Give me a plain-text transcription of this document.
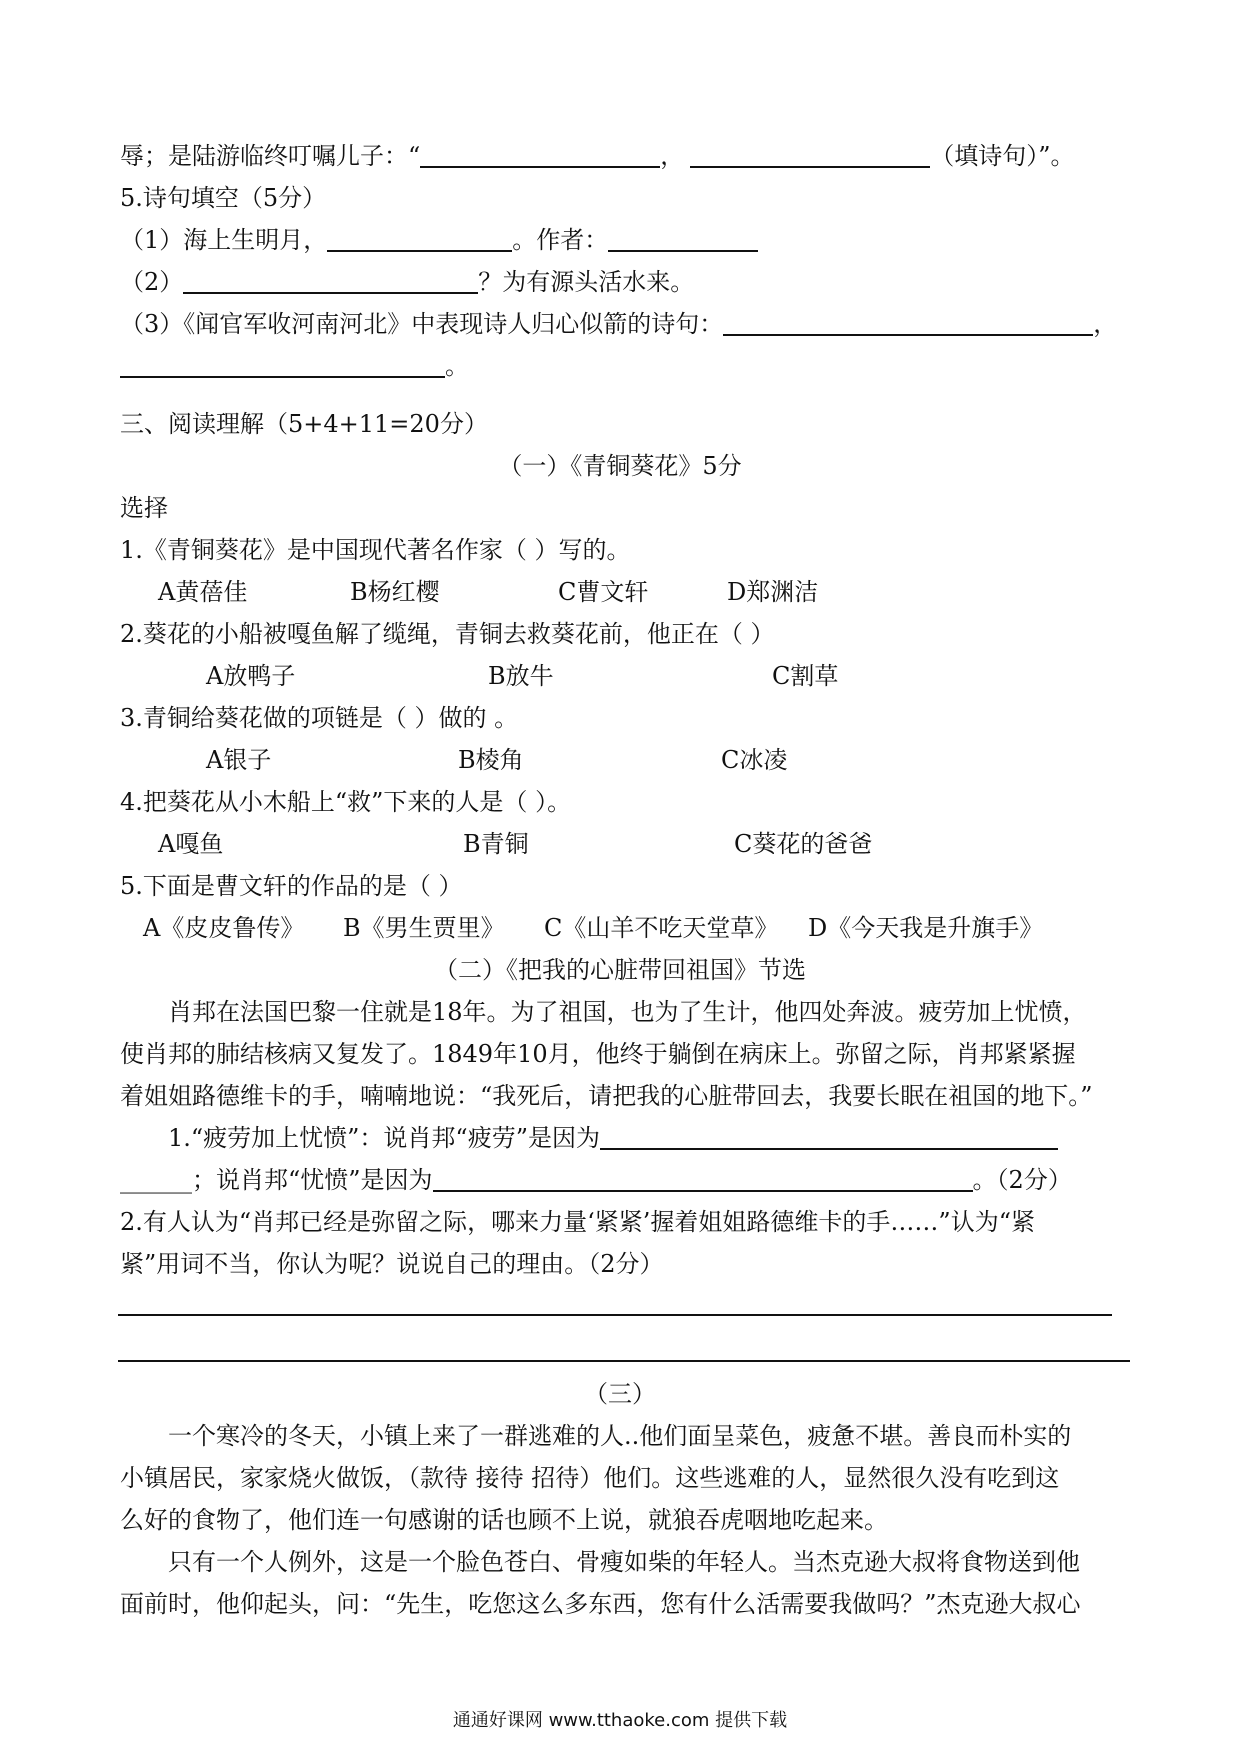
辱；是陆游临终叮嘱儿子：“	，	（填诗句）”。
5.诗句填空（5分）
（1）海上生明月，	。作者：
（2）	？为有源头活水来。
（3）《闻官军收河南河北》中表现诗人归心似箭的诗句：	，
。
三、阅读理解（5+4+11=20分）
（一）《青铜葵花》5分
选择
1.《青铜葵花》是中国现代著名作家（ ）写的。
A黄蓓佳	B杨红樱	C曹文轩	D郑渊洁
2.葵花的小船被嘎鱼解了缆绳，青铜去救葵花前，他正在（ ）
A放鸭子	B放牛	C割草
3.青铜给葵花做的项链是（ ）做的 。
A银子	B棱角	C冰凌
4.把葵花从小木船上“救”下来的人是（ ）。
A嘎鱼	B青铜	C葵花的爸爸
5.下面是曹文轩的作品的是（ ）
A《皮皮鲁传》 B《男生贾里》 C《山羊不吃天堂草》 D《今天我是升旗手》
（二）《把我的心脏带回祖国》节选
肖邦在法国巴黎一住就是18年。为了祖国，也为了生计，他四处奔波。疲劳加上忧愤，
使肖邦的肺结核病又复发了。1849年10月，他终于躺倒在病床上。弥留之际，肖邦紧紧握
着姐姐路德维卡的手，喃喃地说：“我死后，请把我的心脏带回去，我要长眠在祖国的地下。”
1.“疲劳加上忧愤”：说肖邦“疲劳”是因为
______；说肖邦“忧愤”是因为	。（2分）
2.有人认为“肖邦已经是弥留之际，哪来力量‘紧紧’握着姐姐路德维卡的手……”认为“紧
紧”用词不当，你认为呢？说说自己的理由。（2分）
（三）
一个寒冷的冬天，小镇上来了一群逃难的人..他们面呈菜色，疲惫不堪。善良而朴实的
小镇居民，家家烧火做饭，（款待 接待 招待）他们。这些逃难的人，显然很久没有吃到这
么好的食物了，他们连一句感谢的话也顾不上说，就狼吞虎咽地吃起来。
只有一个人例外，这是一个脸色苍白、骨瘦如柴的年轻人。当杰克逊大叔将食物送到他
面前时，他仰起头，问：“先生，吃您这么多东西，您有什么活需要我做吗？”杰克逊大叔心
通通好课网 www.tthaoke.com 提供下载
